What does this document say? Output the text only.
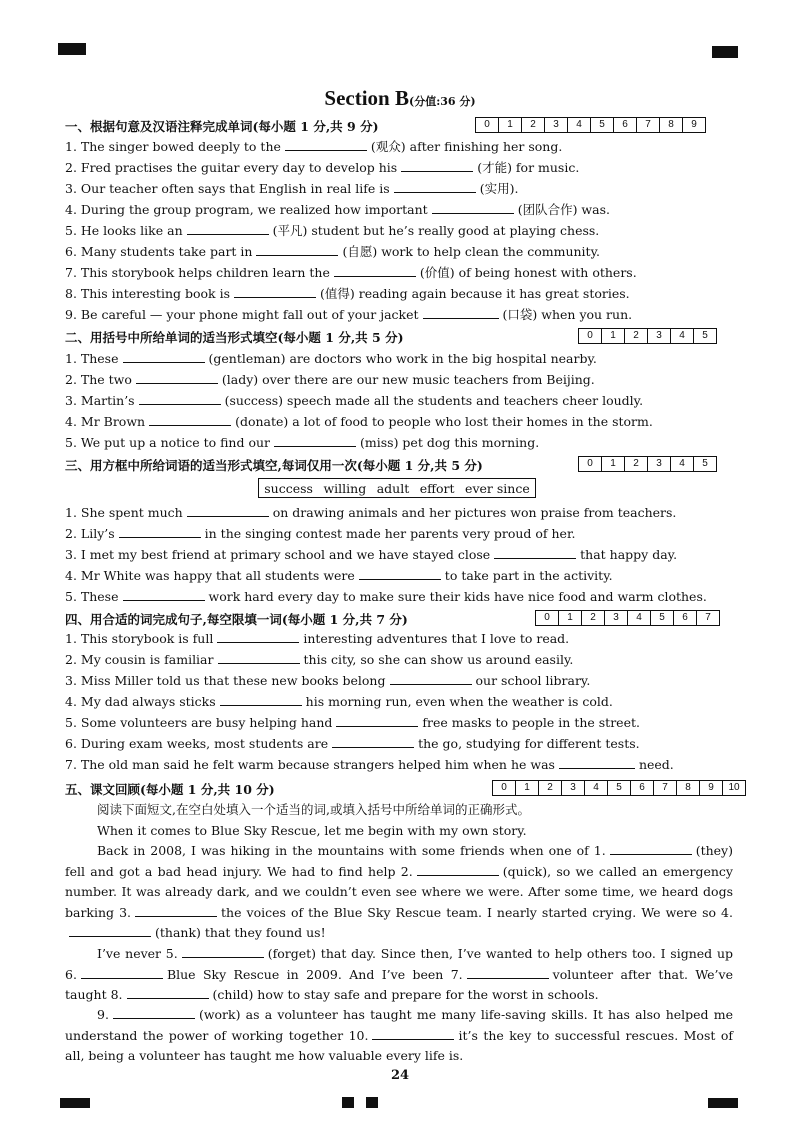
Section B(分值:36 分)
一、根据句意及汉语注释完成单词(每小题 1 分,共 9 分)	0	1	2	3	4	5	6	7	8	9
1. The singer bowed deeply to the	(观众) after finishing her song.
2. Fred practises the guitar every day to develop his	(才能) for music.
3. Our teacher often says that English in real life is	(实用).
4. During the group program, we realized how important	(团队合作) was.
5. He looks like an	(平凡) student but he’s really good at playing chess.
6. Many students take part in	(自愿) work to help clean the community.
7. This storybook helps children learn the	(价值) of being honest with others.
8. This interesting book is	(值得) reading again because it has great stories.
9. Be careful — your phone might fall out of your jacket	(口袋) when you run.
二、用括号中所给单词的适当形式填空(每小题 1 分,共 5 分)	0	1	2	3	4	5
1. These	(gentleman) are doctors who work in the big hospital nearby.
2. The two	(lady) over there are our new music teachers from Beijing.
3. Martin’s	(success) speech made all the students and teachers cheer loudly.
4. Mr Brown	(donate) a lot of food to people who lost their homes in the storm.
5. We put up a notice to find our	(miss) pet dog this morning.
三、用方框中所给词语的适当形式填空,每词仅用一次(每小题 1 分,共 5 分)	0	1	2	3	4	5
success willing adult effort ever since
1. She spent much	on drawing animals and her pictures won praise from teachers.
2. Lily’s	in the singing contest made her parents very proud of her.
3. I met my best friend at primary school and we have stayed close	that happy day.
4. Mr White was happy that all students were	to take part in the activity.
5. These	work hard every day to make sure their kids have nice food and warm clothes.
四、用合适的词完成句子,每空限填一词(每小题 1 分,共 7 分)	0	1	2	3	4	5	6	7
1. This storybook is full	interesting adventures that I love to read.
2. My cousin is familiar	this city, so she can show us around easily.
3. Miss Miller told us that these new books belong	our school library.
4. My dad always sticks	his morning run, even when the weather is cold.
5. Some volunteers are busy helping hand	free masks to people in the street.
6. During exam weeks, most students are	the go, studying for different tests.
7. The old man said he felt warm because strangers helped him when he was	need.
五、课文回顾(每小题 1 分,共 10 分)	0	1	2	3	4	5	6	7	8	9	10
阅读下面短文,在空白处填入一个适当的词,或填入括号中所给单词的正确形式。
When it comes to Blue Sky Rescue, let me begin with my own story.
Back in 2008, I was hiking in the mountains with some friends when one of 1.	(they) fell and got a bad head injury. We had to find help 2.	(quick), so we called an emergency number. It was already dark, and we couldn’t even see where we were. After some time, we heard dogs barking 3.	the voices of the Blue Sky Rescue team. I nearly started crying. We were so 4.(thank) that they found us!
I’ve never 5.	(forget) that day. Since then, I’ve wanted to help others too. I signed up 6.	Blue Sky Rescue in 2009. And I’ve been 7.	volunteer after that. We’ve taught 8.	(child) how to stay safe and prepare for the worst in schools.
9.	(work) as a volunteer has taught me many life-saving skills. It has also helped me understand the power of working together 10.	it’s the key to successful rescues. Most of all, being a volunteer has taught me how valuable every life is.
24
